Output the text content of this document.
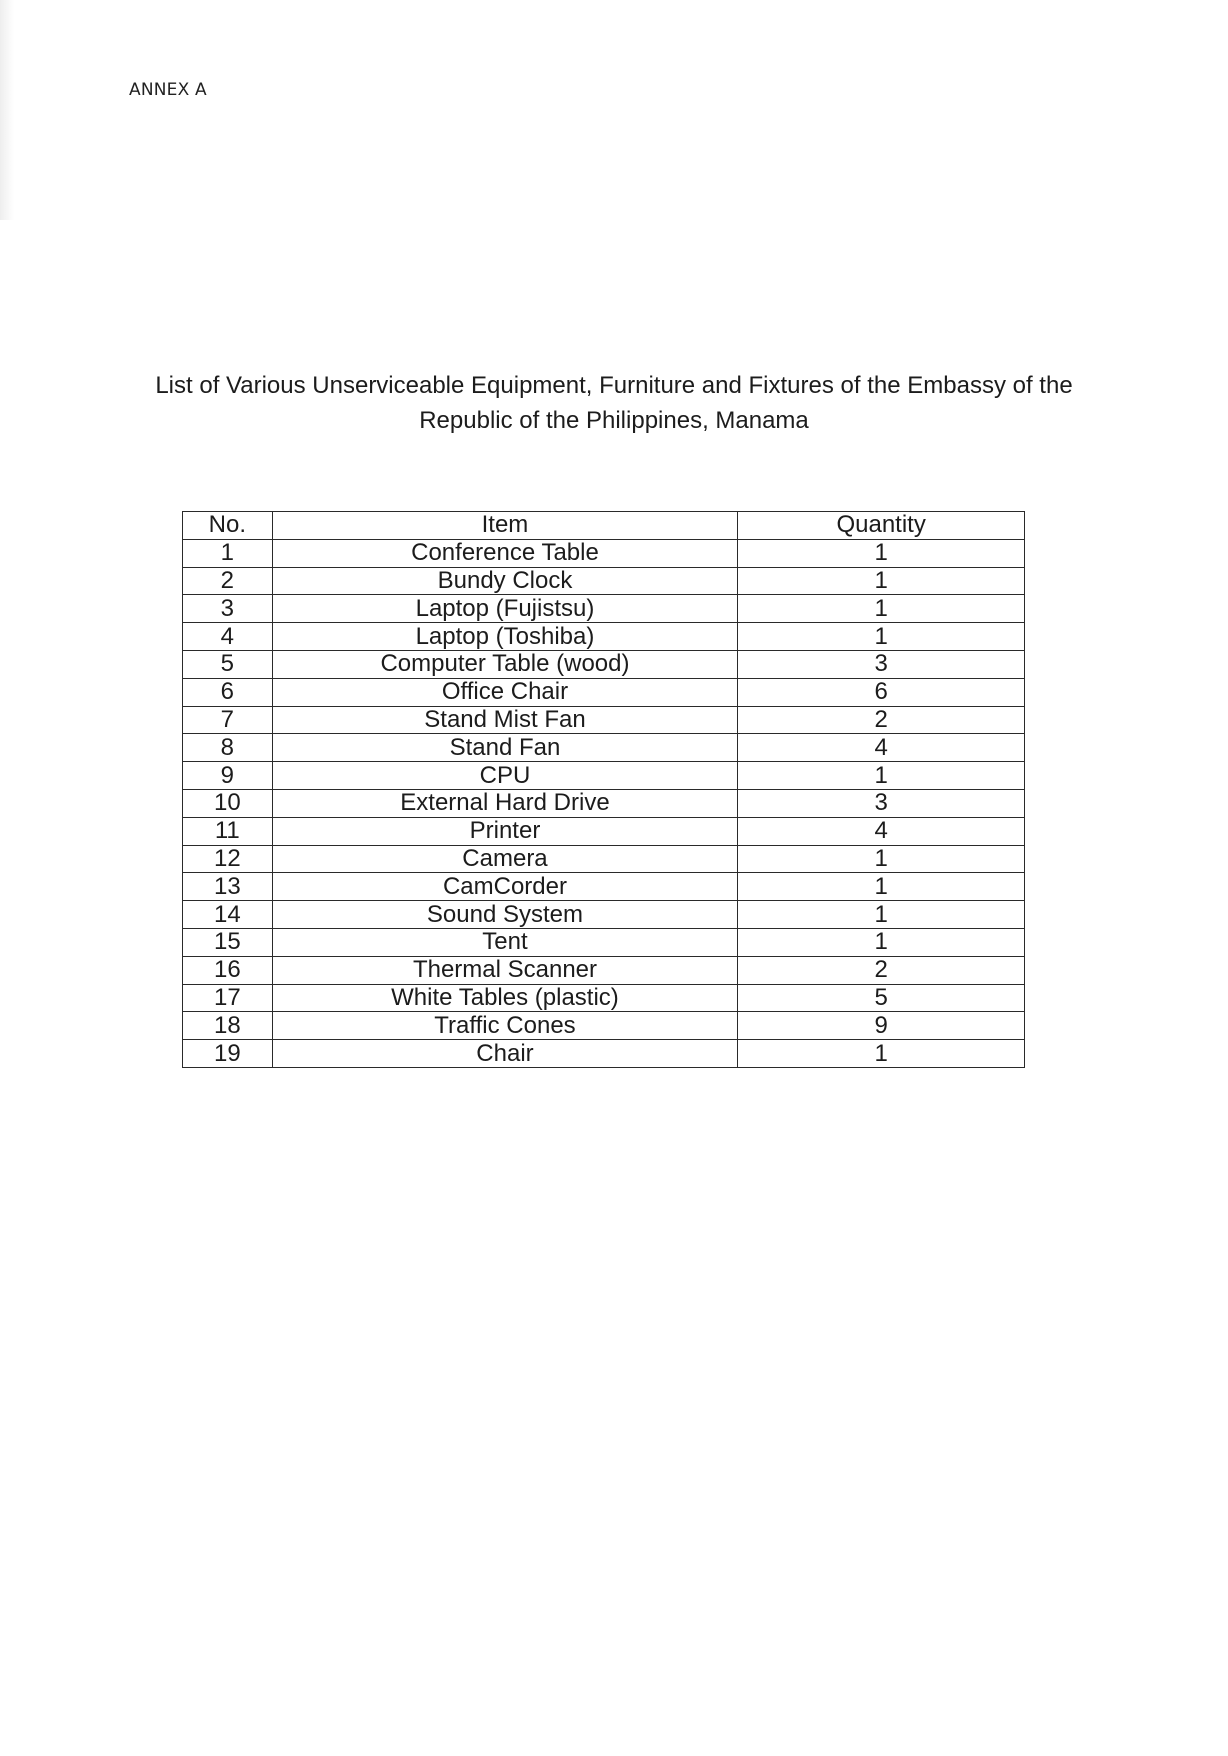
ANNEX A
List of Various Unserviceable Equipment, Furniture and Fixtures of the Embassy of the
Republic of the Philippines, Manama
No.	Item	Quantity
1	Conference Table	1
2	Bundy Clock	1
3	Laptop (Fujistsu)	1
4	Laptop (Toshiba)	1
5	Computer Table (wood)	3
6	Office Chair	6
7	Stand Mist Fan	2
8	Stand Fan	4
9	CPU	1
10	External Hard Drive	3
11	Printer	4
12	Camera	1
13	CamCorder	1
14	Sound System	1
15	Tent	1
16	Thermal Scanner	2
17	White Tables (plastic)	5
18	Traffic Cones	9
19	Chair	1
